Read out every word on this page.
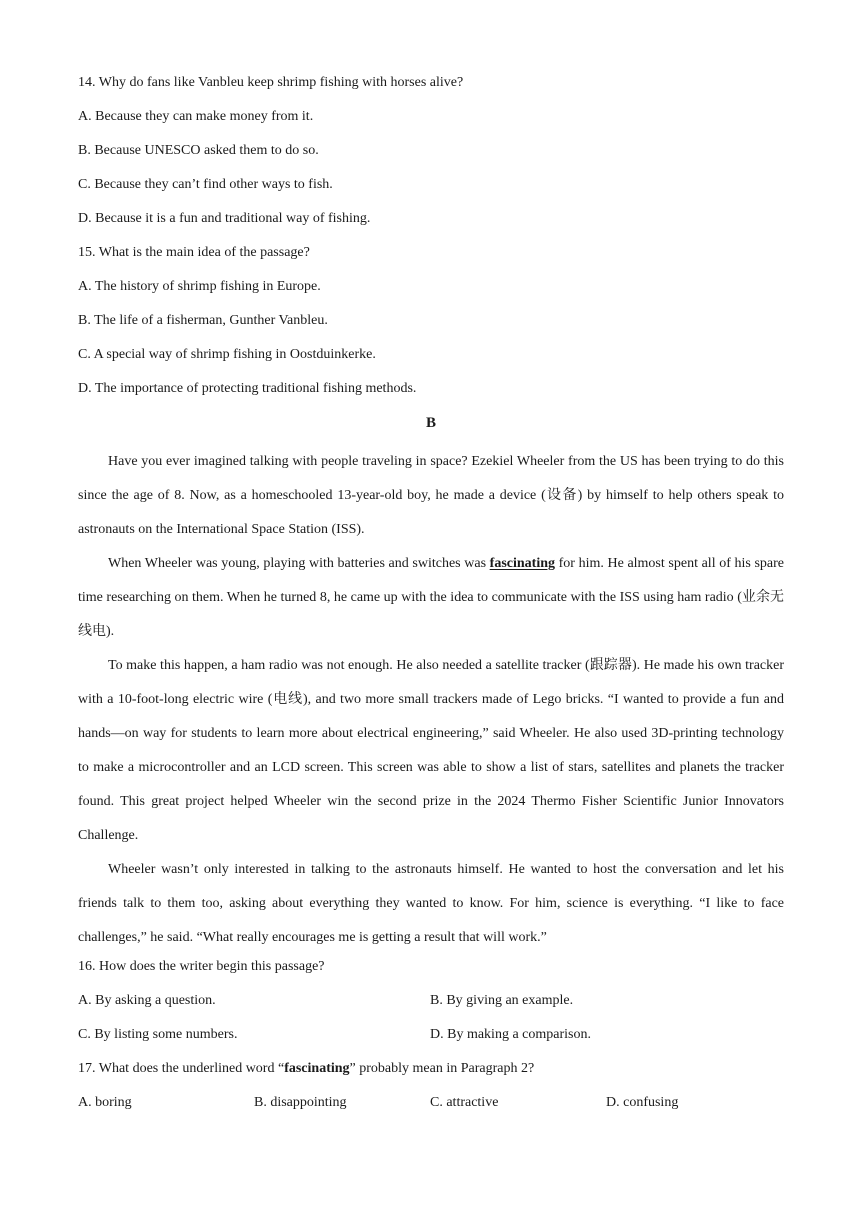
14. Why do fans like Vanbleu keep shrimp fishing with horses alive?
A. Because they can make money from it.
B. Because UNESCO asked them to do so.
C. Because they can’t find other ways to fish.
D. Because it is a fun and traditional way of fishing.
15. What is the main idea of the passage?
A. The history of shrimp fishing in Europe.
B. The life of a fisherman, Gunther Vanbleu.
C. A special way of shrimp fishing in Oostduinkerke.
D. The importance of protecting traditional fishing methods.
B

Have you ever imagined talking with people traveling in space? Ezekiel Wheeler from the US has been trying to do this since the age of 8. Now, as a homeschooled 13-year-old boy, he made a device (设备) by himself to help others speak to astronauts on the International Space Station (ISS).

When Wheeler was young, playing with batteries and switches was fascinating for him. He almost spent all of his spare time researching on them. When he turned 8, he came up with the idea to communicate with the ISS using ham radio (业余无线电).

To make this happen, a ham radio was not enough. He also needed a satellite tracker (跟踪器). He made his own tracker with a 10-foot-long electric wire (电线), and two more small trackers made of Lego bricks. “I wanted to provide a fun and hands—on way for students to learn more about electrical engineering,” said Wheeler. He also used 3D-printing technology to make a microcontroller and an LCD screen. This screen was able to show a list of stars, satellites and planets the tracker found. This great project helped Wheeler win the second prize in the 2024 Thermo Fisher Scientific Junior Innovators Challenge.

Wheeler wasn’t only interested in talking to the astronauts himself. He wanted to host the conversation and let his friends talk to them too, asking about everything they wanted to know. For him, science is everything. “I like to face challenges,” he said. “What really encourages me is getting a result that will work.”

16. How does the writer begin this passage?
A. By asking a question.	B. By giving an example.
C. By listing some numbers.	D. By making a comparison.
17. What does the underlined word “fascinating” probably mean in Paragraph 2?
A. boring	B. disappointing	C. attractive	D. confusing
